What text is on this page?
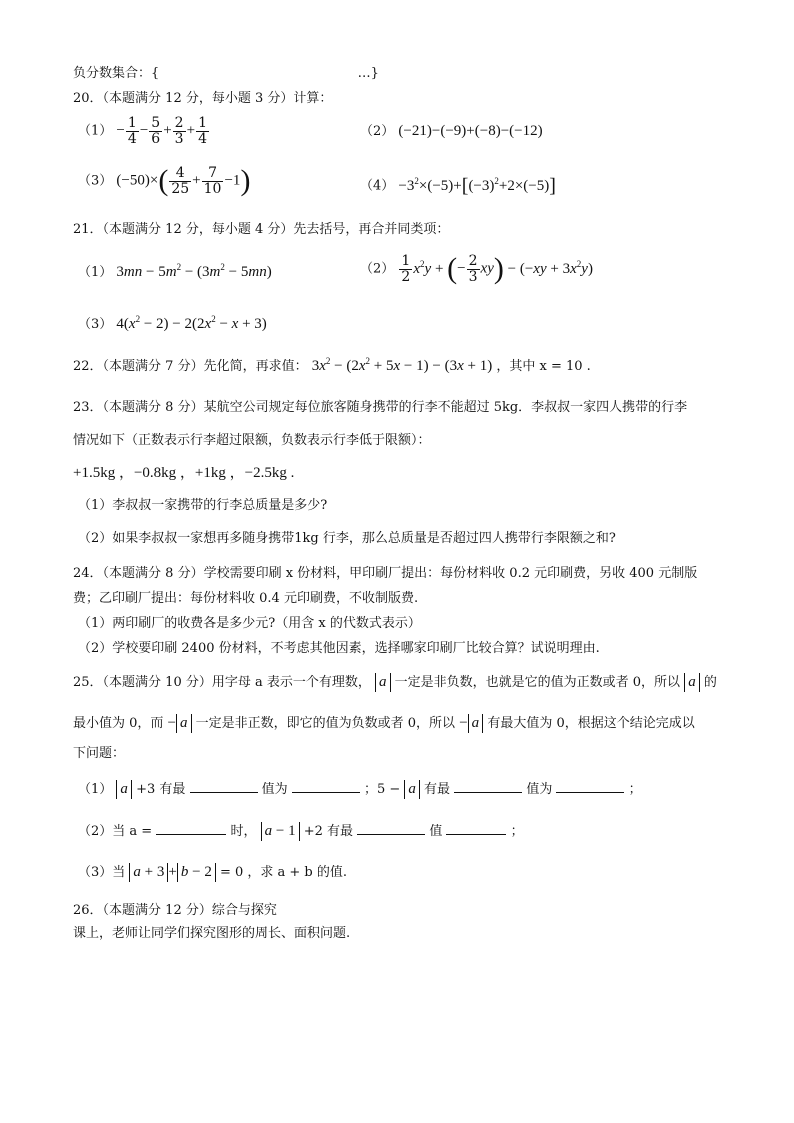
负分数集合：{	…}
20．（本题满分 12 分，每小题 3 分）计算：
$(1) - \frac{1}{4} - \frac{5}{6} + \frac{2}{3} + \frac{1}{4}$	（2） (−21)−(−9)+(−8)−(−12)
（3） $(-50)\times( \frac{4}{25} + \frac{7}{10} -1)$	$(4) -3^2\times(-5)+[(-3)^2+2\times(-5)]$
21．（本题满分 12 分，每小题 4 分）先去括号，再合并同类项：
（1） $3mn - 5m^2 - (3m^2 - 5mn)$	$(2) \frac{1}{2} x^2y$ + (− $\frac{2}{3} xy) - (-xy + 3x^2y)$
（3） $4(x^2 - 2) - 2(2x^2 - x + 3)$
22．（本题满分 7 分）先化简，再求值： $3x^2 - (2x^2 + 5x - 1) - (3x + 1)$ ，其中 x = 10 .
23．（本题满分 8 分）某航空公司规定每位旅客随身携带的行李不能超过 5kg．李叔叔一家四人携带的行李
情况如下（正数表示行李超过限额，负数表示行李低于限额）：
+1.5kg ，−0.8kg ，+1kg ，−2.5kg .
（1）李叔叔一家携带的行李总质量是多少?
（2）如果李叔叔一家想再多随身携带1kg 行李，那么总质量是否超过四人携带行李限额之和?
24．（本题满分 8 分）学校需要印刷 x 份材料，甲印刷厂提出：每份材料收 0.2 元印刷费，另收 400 元制版
费；乙印刷厂提出：每份材料收 0.4 元印刷费，不收制版费.
（1）两印刷厂的收费各是多少元?（用含 x 的代数式表示）
（2）学校要印刷 2400 份材料，不考虑其他因素，选择哪家印刷厂比较合算？试说明理由.
25．（本题满分 10 分）用字母 a 表示一个有理数， a 一定是非负数，也就是它的值为正数或者 0，所以 a 的
最小值为 0，而 − a 一定是非正数，即它的值为负数或者 0，所以 − a 有最大值为 0，根据这个结论完成以
下问题：
（1） a +3 有最	值为	；5 − a 有最	值为	；
（2）当 a =	时， a − 1 +2 有最	值	；
（3）当 a + 3 + b − 2 = 0 ，求 a + b 的值.
26．（本题满分 12 分）综合与探究
课上，老师让同学们探究图形的周长、面积问题.
